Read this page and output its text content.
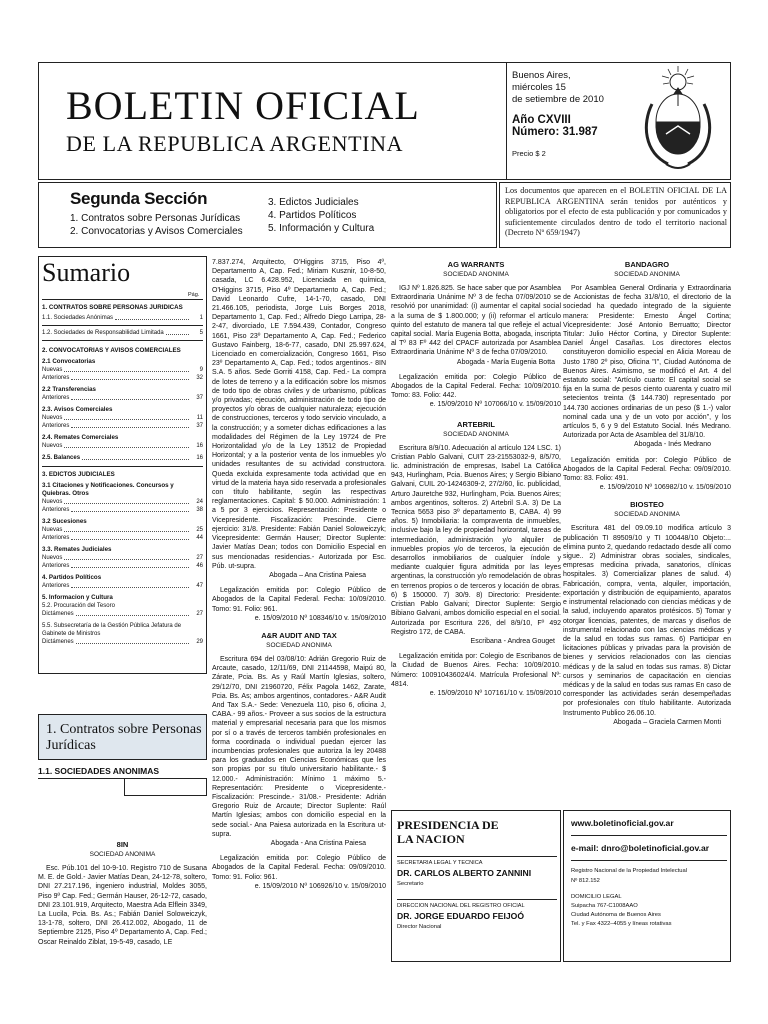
BOLETIN OFICIAL
DE LA REPUBLICA ARGENTINA
Buenos Aires,
miércoles 15
de setiembre de 2010
Año CXVIII
Número: 31.987
Precio $ 2
Segunda Sección
1. Contratos sobre Personas Jurídicas
2. Convocatorias y Avisos Comerciales
3. Edictos Judiciales
4. Partidos Políticos
5. Información y Cultura
Los documentos que aparecen en el BOLETIN OFICIAL DE LA REPUBLICA ARGENTINA serán tenidos por auténticos y obligatorios por el efecto de esta publicación y por comunicados y suficientemente circulados dentro de todo el territorio nacional (Decreto Nº 659/1947)
Sumario
Pág.
1. CONTRATOS SOBRE PERSONAS JURIDICAS
1.1. Sociedades Anónimas	1
1.2. Sociedades de Responsabilidad Limitada	5
2. CONVOCATORIAS Y AVISOS COMERCIALES
2.1 Convocatorias
Nuevas	9
Anteriores	32
2.2 Transferencias
Anteriores	37
2.3. Avisos Comerciales
Nuevos	11
Anteriores	37
2.4. Remates Comerciales
Nuevos	16
2.5. Balances	16
3. EDICTOS JUDICIALES
3.1 Citaciones y Notificaciones. Concursos y Quiebras. Otros
Nuevos	24
Anteriores	38
3.2 Sucesiones
Nuevas	25
Anteriores	44
3.3. Remates Judiciales
Nuevos	27
Anteriores	46
4. Partidos Políticos
Anteriores	47
5. Informacion y Cultura
5.2. Procuración del Tesoro
Dictámenes	27
5.5. Subsecretaría de la Gestión Pública Jefatura de Gabinete de Ministros
Dictámenes	29
1. Contratos sobre Personas Jurídicas
1.1. SOCIEDADES ANONIMAS
8IN
SOCIEDAD ANONIMA

Esc. Púb.101 del 10-9-10. Registro 710 de Susana M. E. de Gold.- Javier Matías Dean, 24-12-78, soltero, DNI 27.217.196, ingeniero industrial, Moldes 3055, Piso 9º Cap. Fed.; Germán Hauser, 26-12-72, casado, DNI 23.101.919, Arquitecto, Maestra Ada Elflein 3349, La Lucila, Pcia. Bs. As.; Fabián Daniel Soloweiczyk, 13-1-78, soltero, DNI 26.412.002, Abogado, 11 de Septiembre 2125, Piso 4º Departamento A, Cap. Fed.; Oscar Reinaldo Ziblat, 19-5-49, casado, LE

7.837.274, Arquitecto, O'Higgins 3715, Piso 4º, Departamento A, Cap. Fed.; Miriam Kusznir, 10-8-50, casada, LC 6.428.952, Licenciada en química, O'Higgins 3715, Piso 4º Departamento A, Cap. Fed.; David Leonardo Cufre, 14-1-70, casado, DNI 21.466.105, periodista, Jorge Luis Borges 2018, Departamento 1, Cap. Fed.; Alfredo Diego Larripa, 28-2-47, divorciado, LE 7.594.439, Contador, Congreso 1661, Piso 23º Departamento A, Cap. Fed.; Federico Gustavo Fainberg, 18-6-77, casado, DNI 25.997.624, Licenciado en comercialización, Congreso 1661, Piso 23º Departamento A, Cap. Fed.; todos argentinos.- 8IN S.A. 5 años. Sede Gorriti 4158, Cap. Fed.- La compra de lotes de terreno y a la edificación sobre los mismos de todo tipo de obras civiles y de urbanismo, públicas y/o privadas; ejecución, administración de todo tipo de proyectos y/o obras de cualquier naturaleza; ejecución de construcciones, terceros y todo servicio vinculado, a la construcción; y a someter dichas edificaciones a las modalidades del Régimen de la Ley 19724 de Pre Horizontalidad y/o de la Ley 13512 de Propiedad Horizontal; y a la posterior venta de los inmuebles y/o unidades resultantes de su actividad constructora. Queda excluida expresamente toda actividad que en virtud de la materia haya sido reservada a profesionales con título habilitante, según las respectivas reglamentaciones. Capital: $ 50.000. Administración: 1 a 5 por 3 ejercicios. Representación: Presidente o Vicepresidente. Fiscalización: Prescinde. Cierre ejercicio: 31/8. Presidente: Fabián Daniel Soloweiczyk; Vicepresidente: Germán Hauser; Director Suplente: Javier Matías Dean; todos con Domicilio Especial en sus mencionadas residencias.- Autorizada por Esc. Púb. ut-supra.

Abogada – Ana Cristina Paiesa

Legalización emitida por: Colegio Público de Abogados de la Capital Federal. Fecha: 10/09/2010. Tomo: 91. Folio: 961.

e. 15/09/2010 Nº 108346/10 v. 15/09/2010
A&R AUDIT AND TAX
SOCIEDAD ANONIMA

Escritura 694 del 03/08/10: Adrián Gregorio Ruiz de Arcaute, casado, 12/11/69, DNI 21144598, Maipú 80, Zárate, Pcia. Bs. As y Raúl Martín Iglesias, soltero, 29/12/70, DNI 21960720, Félix Pagola 1462, Zarate, Pcia. Bs. As; ambos argentinos, contadores.- A&R Audit And Tax S.A.- Sede: Venezuela 110, piso 6, oficina J, CABA.- 99 años.- Proveer a sus socios de la estructura material y empresarial necesaria para que los mismos por sí o a través de terceros también profesionales en forma coordinada o individual puedan ejercer las incumbencias profesionales que autoriza la ley 20488 para los graduados en Ciencias Económicas que les son propias por su título universitario habilitante.- $ 12.000.- Administración: Mínimo 1 máximo 5.- Representación: Presidente o Vicepresidente.- Fiscalización: Prescinde.- 31/08.- Presidente: Adrián Gregorio Ruiz de Arcaute; Director Suplente: Raúl Martín Iglesias; ambos con domicilio especial en la sede social.- Ana Paiesa autorizada en la Escritura ut-supra.

Abogada - Ana Cristina Paiesa

Legalización emitida por: Colegio Público de Abogados de la Capital Federal. Fecha: 09/09/2010. Tomo: 91. Folio: 961.

e. 15/09/2010 Nº 106926/10 v. 15/09/2010
AG WARRANTS
SOCIEDAD ANONIMA

IGJ Nº 1.826.825. Se hace saber que por Asamblea Extraordinaria Unánime Nº 3 de fecha 07/09/2010 se resolvió por unanimidad: (i) aumentar el capital social a la suma de $ 1.800.000; y (ii) reformar el artículo quinto del estatuto de manera tal que refleje el actual capital social. María Eugenia Botta, abogada, inscripta al Tº 83 Fº 442 del CPACF autorizada por Asamblea Extraordinaria Unánime Nº 3 de fecha 07/09/2010.

Abogada - María Eugenia Botta

Legalización emitida por: Colegio Público de Abogados de la Capital Federal. Fecha: 10/09/2010. Tomo: 83. Folio: 442.

e. 15/09/2010 Nº 107066/10 v. 15/09/2010
ARTEBRIL
SOCIEDAD ANONIMA

Escritura 8/9/10. Adecuación al artículo 124 LSC. 1) Cristian Pablo Galvani, CUIT 23-21553032-9, 8/5/70, lic. administración de empresas, Isabel La Católica 943, Hurlingham, Pcia. Buenos Aires; y Sergio Bibiano Galvani, CUIL 20-14246309-2, 27/2/60, lic. publicidad, Arturo Jauretche 932, Hurlingham, Pcia. Buenos Aires; ambos argentinos, solteros. 2) Artebril S.A. 3) De La Tecnica 5653 piso 3º departamento B, CABA. 4) 99 años. 5) Inmobiliaria: la compraventa de inmuebles, inclusive bajo la ley de propiedad horizontal, tareas de intermediación, administración y/o alquiler de inmuebles propios y/o de terceros, la ejecución de desarrollos inmobiliarios de cualquier índole y mediante cualquier figura admitida por las leyes argentinas, la construcción y/o remodelación de obras en terrenos propios o de terceros y locación de obras. 6) $ 150000. 7) 30/9. 8) Directorio: Presidente: Cristian Pablo Galvani; Director Suplente: Sergio Bibiano Galvani, ambos domicilio especial en el social. Autorizada por Escritura 226, del 8/9/10, Fº 492 Registro 172, de CABA.

Escribana - Andrea Gouget

Legalización emitida por: Colegio de Escribanos de la Ciudad de Buenos Aires. Fecha: 10/09/2010. Número: 100910436024/4. Matrícula Profesional Nº: 4814.

e. 15/09/2010 Nº 107161/10 v. 15/09/2010
BANDAGRO
SOCIEDAD ANONIMA

Por Asamblea General Ordinaria y Extraordinaria de Accionistas de fecha 31/8/10, el directorio de la sociedad ha quedado integrado de la siguiente manera: Presidente: Ernesto Ángel Cortina; Vicepresidente: José Antonio Berruatto; Director Titular: Julio Héctor Cortina, y Director Suplente: Daniel Ángel Casañas. Los directores electos constituyeron domicilio especial en Alicia Moreau de Justo 1780 2º piso, Oficina "I", Ciudad Autónoma de Buenos Aires. Asimismo, se modificó el Art. 4 del estatuto social: "Artículo cuarto: El capital social se fija en la suma de pesos ciento cuarenta y cuatro mil setecientos treinta ($ 144.730) representado por 144.730 acciones ordinarias de un peso ($ 1.-) valor nominal cada una y de un voto por acción", y los artículos 5, 6 y 9 del Estatuto Social. Inés Medrano. Autorizada por Acta de Asamblea del 31/8/10.

Abogada - Inés Medrano

Legalización emitida por: Colegio Público de Abogados de la Capital Federal. Fecha: 09/09/2010. Tomo: 83. Folio: 491.

e. 15/09/2010 Nº 106982/10 v. 15/09/2010
BIOSTEO
SOCIEDAD ANONIMA

Escritura 481 del 09.09.10 modifica artículo 3 publicación TI 89509/10 y TI 100448/10 Objeto:... elimina punto 2, quedando redactado desde allí como sigue.. 2) Administrar obras sociales, sindicales, empresas medicina privada, sanatorios, clínicas hospitales. 3) Comercializar planes de salud. 4) Fabricación, compra, venta, alquiler, importación, exportación y distribución de equipamiento, aparatos e instrumental relacionado con ciencias médicas y de la salud, incluyendo aparatos protésicos. 5) Tomar y otorgar licencias, patentes, de marcas y diseños de instrumental relacionado con las ciencias médicas y de la salud en todas sus ramas. 6) Participar en licitaciones públicas y privadas para la provisión de bienes y servicios relacionados con las ciencias médicas y de la salud en todas sus ramas. 8) Dictar cursos y seminarios de capacitación en ciencias médicas y de la salud en todas sus ramas En caso de corresponder las actividades serán desempeñadas por profesionales con título habilitante. Autorizada Instrumento Publico 26.06.10.

Abogada – Graciela Carmen Monti
PRESIDENCIA DE LA NACION
SECRETARIA LEGAL Y TECNICA
DR. CARLOS ALBERTO ZANNINI
Secretario
DIRECCION NACIONAL DEL REGISTRO OFICIAL
DR. JORGE EDUARDO FEIJOÓ
Director Nacional
www.boletinoficial.gov.ar
e-mail: dnro@boletinoficial.gov.ar
Registro Nacional de la Propiedad Intelectual
Nº 812.152
DOMICILIO LEGAL
Suipacha 767-C1008AAO
Ciudad Autónoma de Buenos Aires
Tel. y Fax 4322–4055 y líneas rotativas
